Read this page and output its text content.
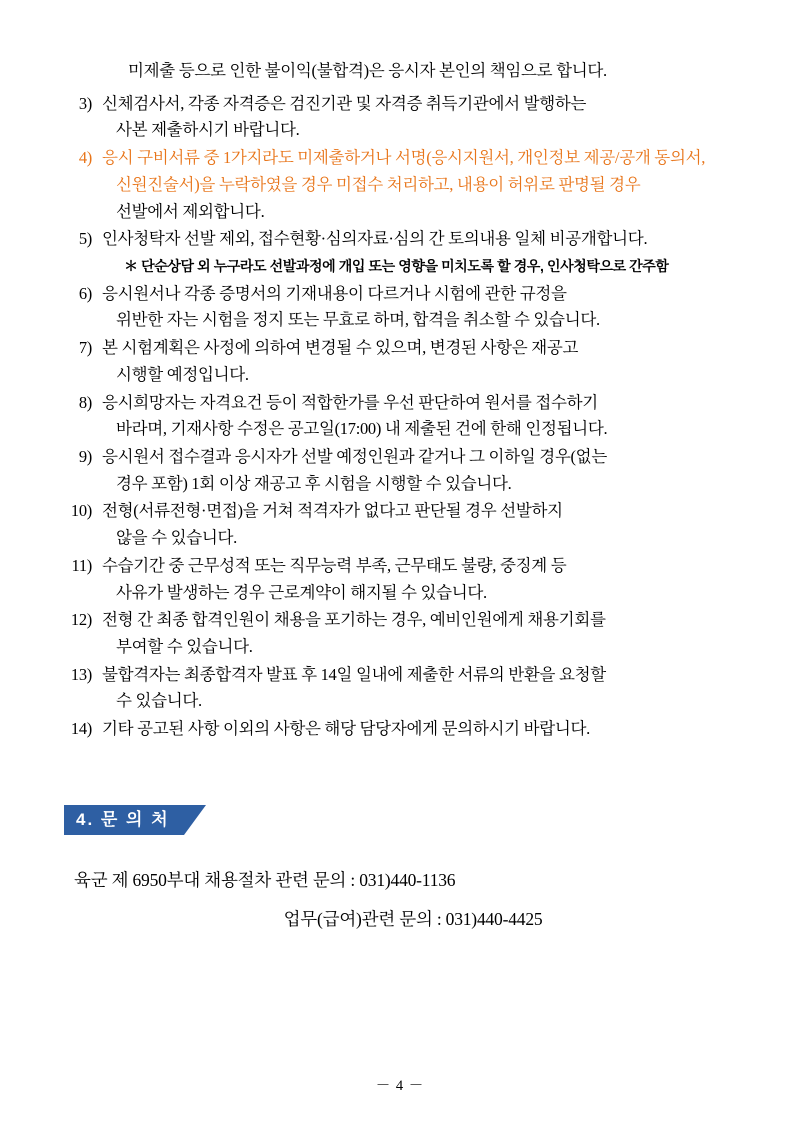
미제출 등으로 인한 불이익(불합격)은 응시자 본인의 책임으로 합니다.
3) 신체검사서, 각종 자격증은 검진기관 및 자격증 취득기관에서 발행하는
사본 제출하시기 바랍니다.
4) 응시 구비서류 중 1가지라도 미제출하거나 서명(응시지원서, 개인정보 제공/공개 동의서,
신원진술서)을 누락하였을 경우 미접수 처리하고, 내용이 허위로 판명될 경우
선발에서 제외합니다.
5) 인사청탁자 선발 제외, 접수현황·심의자료·심의 간 토의내용 일체 비공개합니다.
＊ 단순상담 외 누구라도 선발과정에 개입 또는 영향을 미치도록 할 경우, 인사청탁으로 간주함
6) 응시원서나 각종 증명서의 기재내용이 다르거나 시험에 관한 규정을
위반한 자는 시험을 정지 또는 무효로 하며, 합격을 취소할 수 있습니다.
7) 본 시험계획은 사정에 의하여 변경될 수 있으며, 변경된 사항은 재공고
시행할 예정입니다.
8) 응시희망자는 자격요건 등이 적합한가를 우선 판단하여 원서를 접수하기
바라며, 기재사항 수정은 공고일(17:00) 내 제출된 건에 한해 인정됩니다.
9) 응시원서 접수결과 응시자가 선발 예정인원과 같거나 그 이하일 경우(없는
경우 포함) 1회 이상 재공고 후 시험을 시행할 수 있습니다.
10) 전형(서류전형·면접)을 거쳐 적격자가 없다고 판단될 경우 선발하지
않을 수 있습니다.
11) 수습기간 중 근무성적 또는 직무능력 부족, 근무태도 불량, 중징계 등
사유가 발생하는 경우 근로계약이 해지될 수 있습니다.
12) 전형 간 최종 합격인원이 채용을 포기하는 경우, 예비인원에게 채용기회를
부여할 수 있습니다.
13) 불합격자는 최종합격자 발표 후 14일 일내에 제출한 서류의 반환을 요청할
수 있습니다.
14) 기타 공고된 사항 이외의 사항은 해당 담당자에게 문의하시기 바랍니다.
4. 문 의 처
육군 제 6950부대 채용절차 관련 문의 : 031)440-1136
업무(급여)관련 문의 : 031)440-4425
－ 4 －
